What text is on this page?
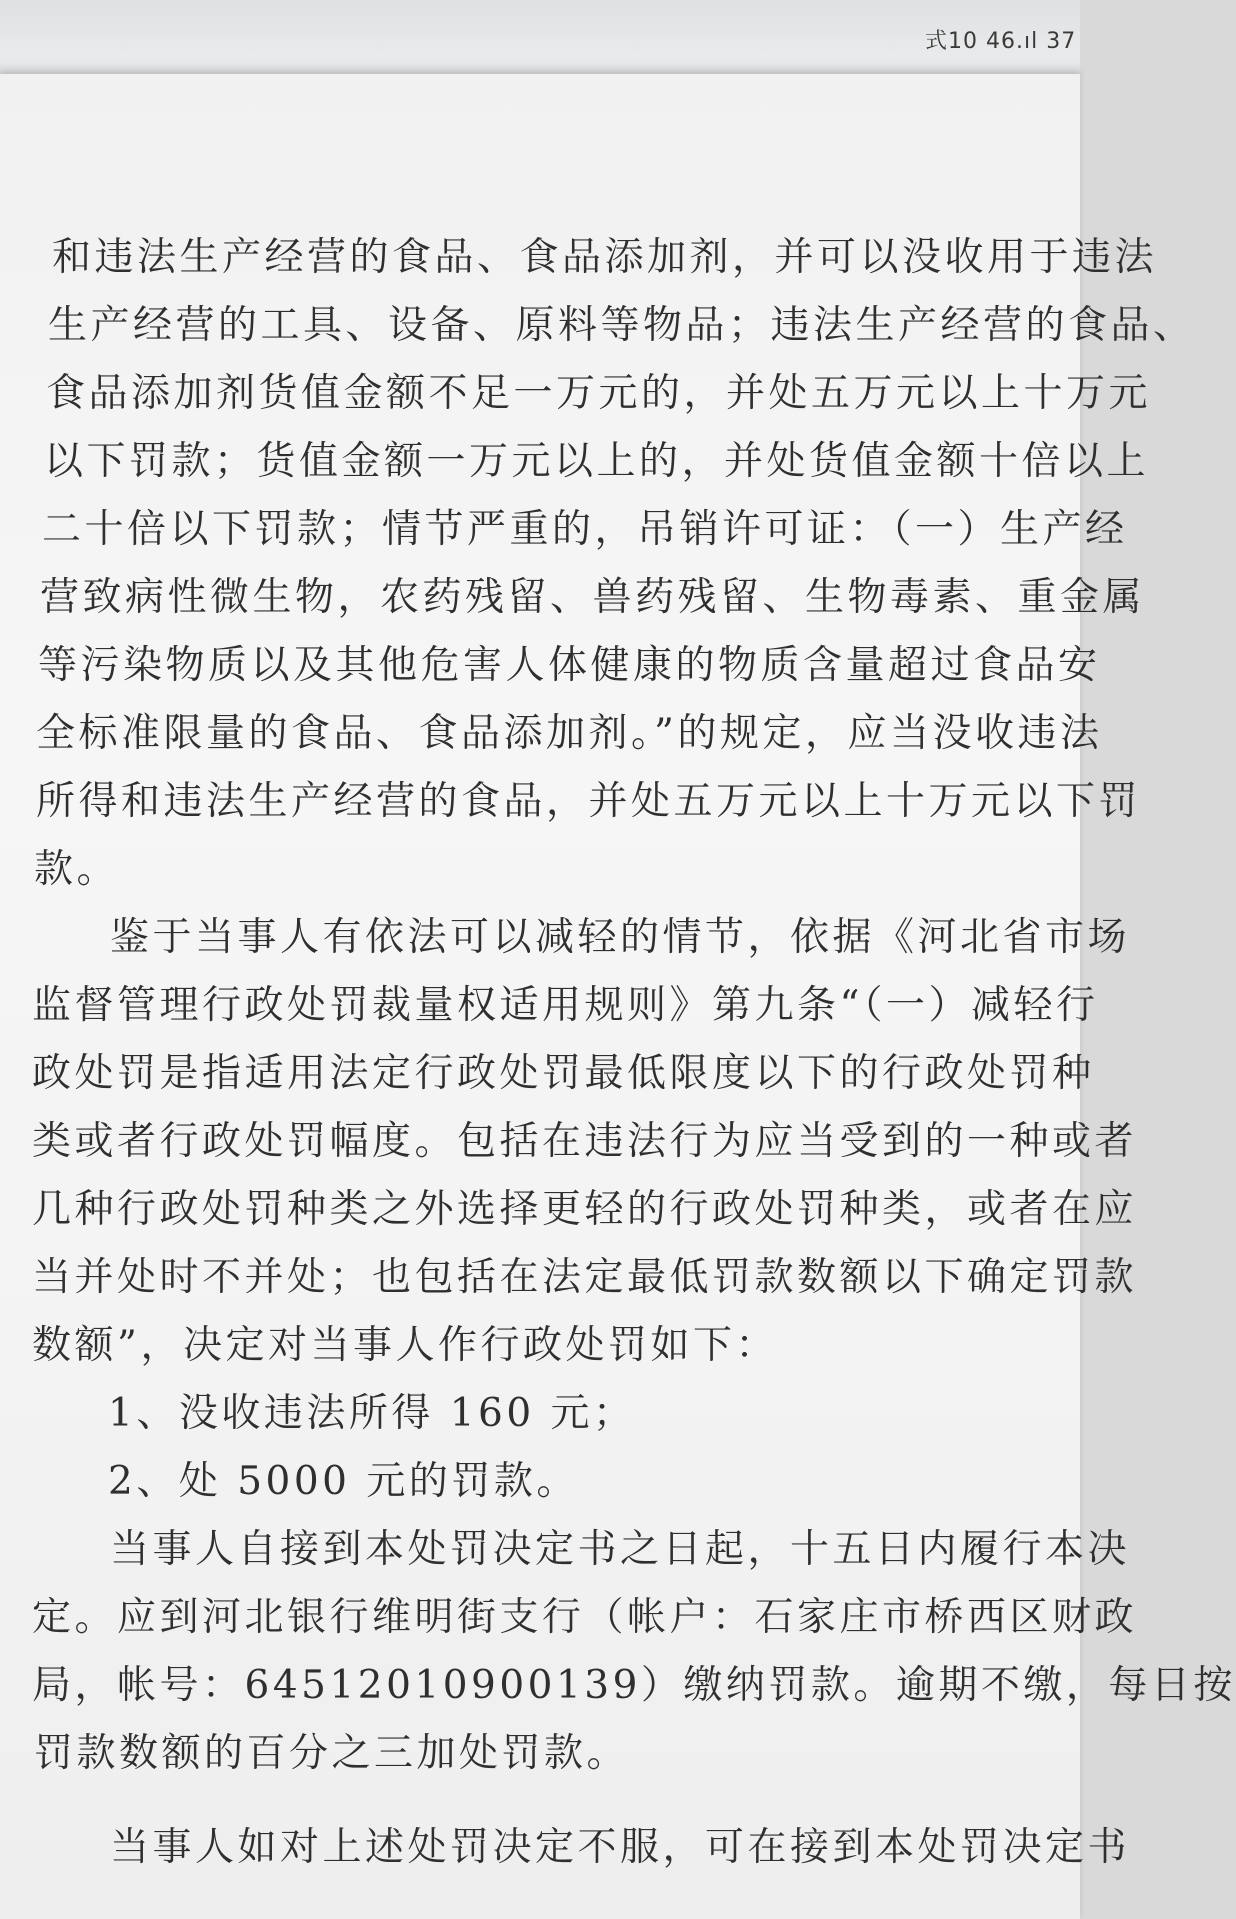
式10 46.ıl 37
和违法生产经营的食品、食品添加剂，并可以没收用于违法
生产经营的工具、设备、原料等物品；违法生产经营的食品、
食品添加剂货值金额不足一万元的，并处五万元以上十万元
以下罚款；货值金额一万元以上的，并处货值金额十倍以上
二十倍以下罚款；情节严重的，吊销许可证：（一）生产经
营致病性微生物，农药残留、兽药残留、生物毒素、重金属
等污染物质以及其他危害人体健康的物质含量超过食品安
全标准限量的食品、食品添加剂。”的规定，应当没收违法
所得和违法生产经营的食品，并处五万元以上十万元以下罚
款。
鉴于当事人有依法可以减轻的情节，依据《河北省市场
监督管理行政处罚裁量权适用规则》第九条“（一）减轻行
政处罚是指适用法定行政处罚最低限度以下的行政处罚种
类或者行政处罚幅度。包括在违法行为应当受到的一种或者
几种行政处罚种类之外选择更轻的行政处罚种类，或者在应
当并处时不并处；也包括在法定最低罚款数额以下确定罚款
数额”，决定对当事人作行政处罚如下：
1、没收违法所得 160 元；
2、处 5000 元的罚款。
当事人自接到本处罚决定书之日起，十五日内履行本决
定。应到河北银行维明街支行（帐户：石家庄市桥西区财政
局，帐号：64512010900139）缴纳罚款。逾期不缴，每日按
罚款数额的百分之三加处罚款。
当事人如对上述处罚决定不服，可在接到本处罚决定书
